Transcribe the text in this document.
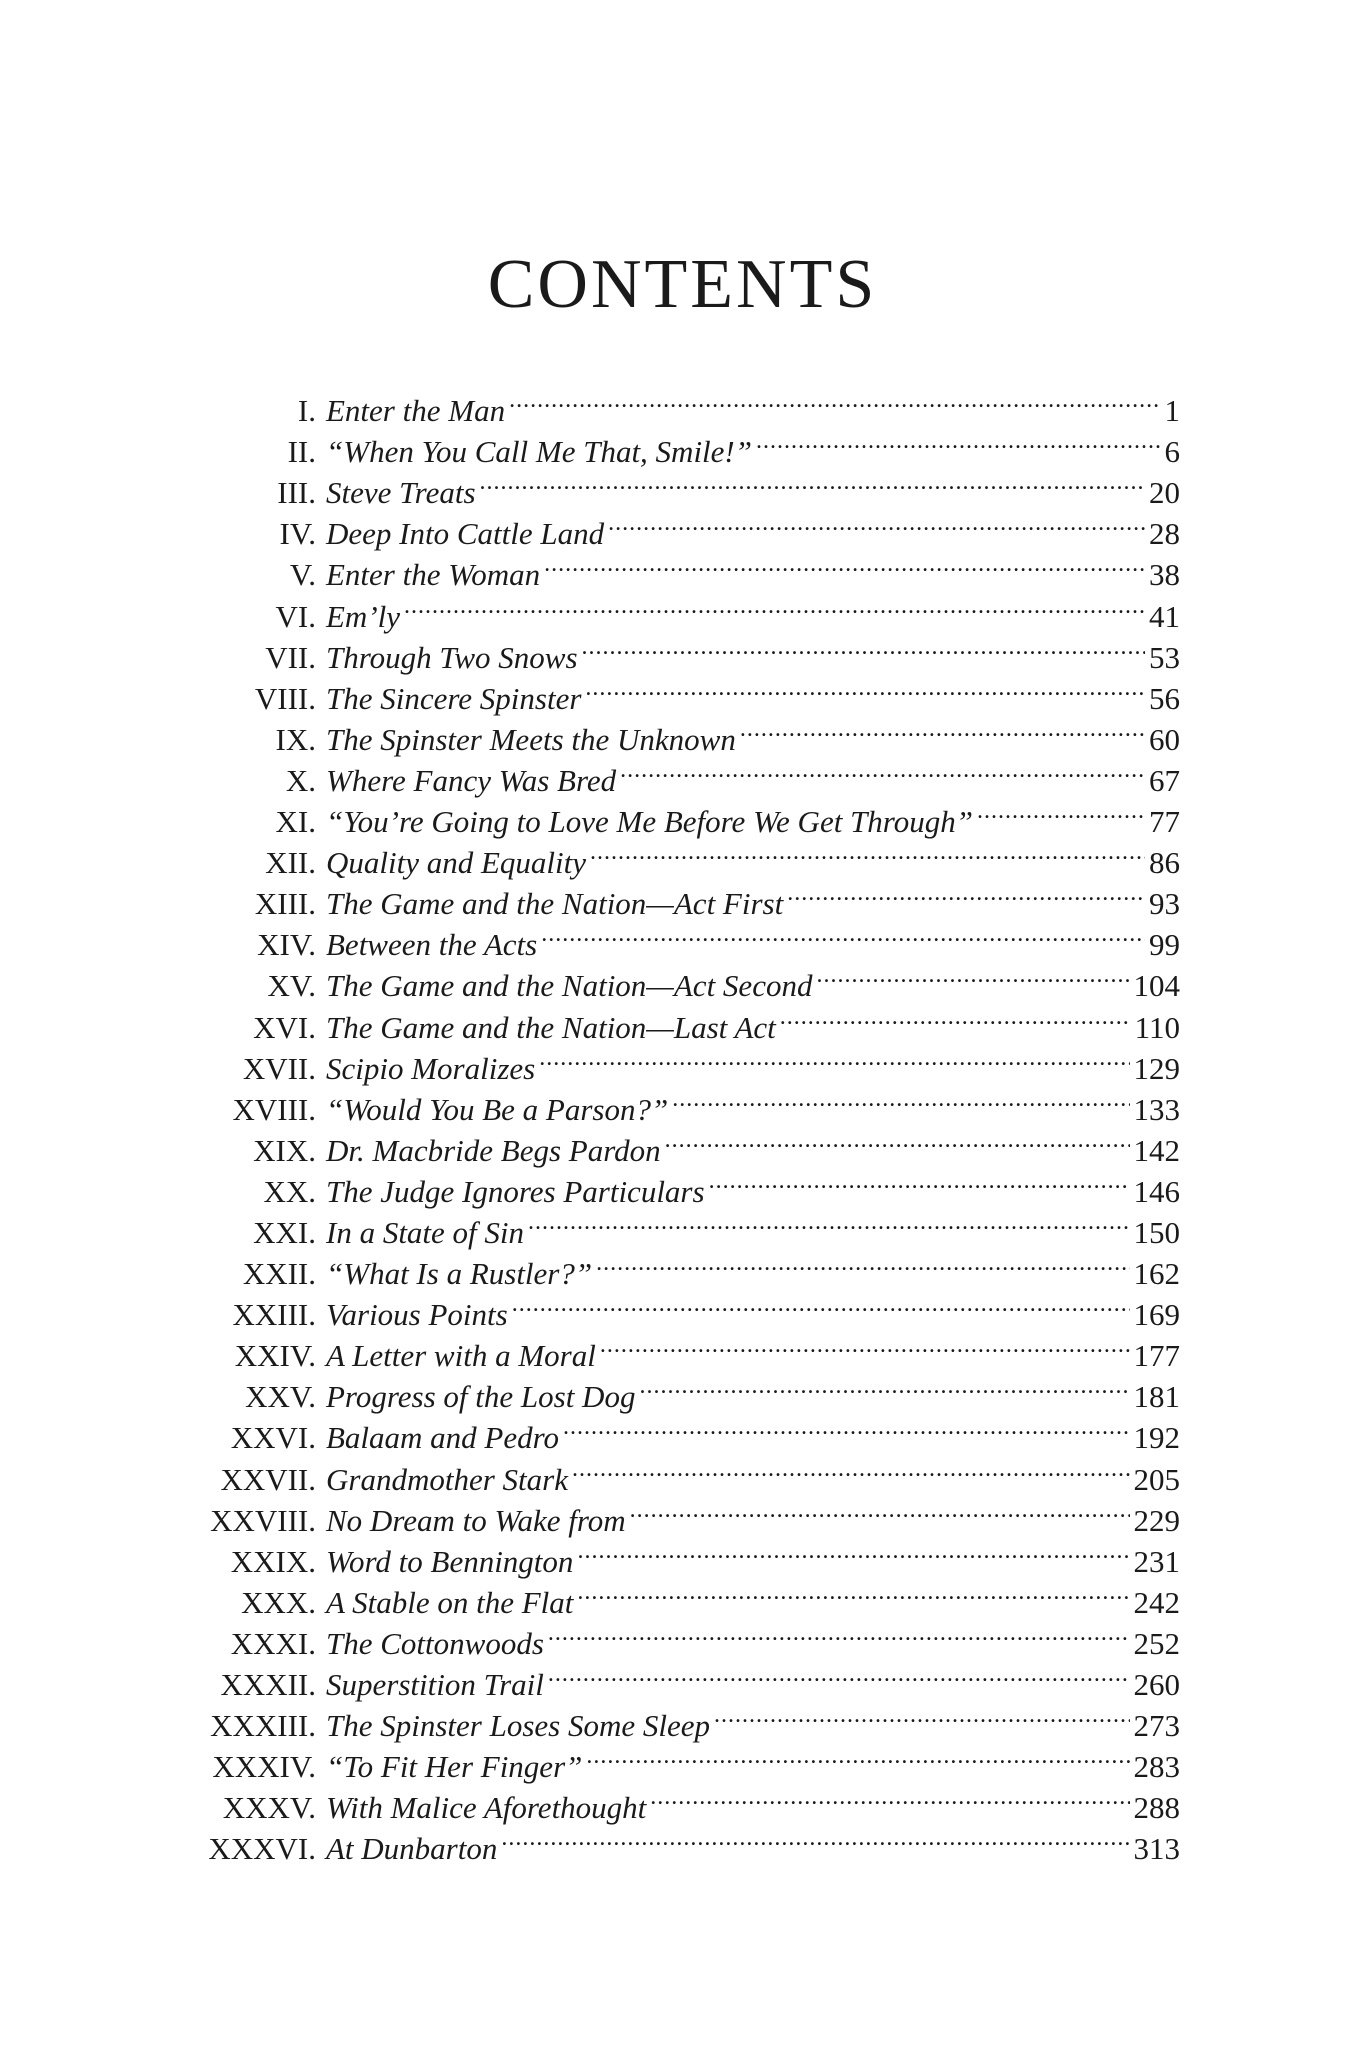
CONTENTS
I. Enter the Man .....	1
II. “When You Call Me That, Smile!” .....	6
III. Steve Treats .....	20
IV. Deep Into Cattle Land .....	28
V. Enter the Woman .....	38
VI. Em’ly .....	41
VII. Through Two Snows .....	53
VIII. The Sincere Spinster .....	56
IX. The Spinster Meets the Unknown .....	60
X. Where Fancy Was Bred .....	67
XI. “You’re Going to Love Me Before We Get Through” .....	77
XII. Quality and Equality .....	86
XIII. The Game and the Nation—Act First .....	93
XIV. Between the Acts .....	99
XV. The Game and the Nation—Act Second .....	104
XVI. The Game and the Nation—Last Act .....	110
XVII. Scipio Moralizes .....	129
XVIII. “Would You Be a Parson?” .....	133
XIX. Dr. Macbride Begs Pardon .....	142
XX. The Judge Ignores Particulars .....	146
XXI. In a State of Sin .....	150
XXII. “What Is a Rustler?” .....	162
XXIII. Various Points .....	169
XXIV. A Letter with a Moral .....	177
XXV. Progress of the Lost Dog .....	181
XXVI. Balaam and Pedro .....	192
XXVII. Grandmother Stark .....	205
XXVIII. No Dream to Wake from .....	229
XXIX. Word to Bennington .....	231
XXX. A Stable on the Flat .....	242
XXXI. The Cottonwoods .....	252
XXXII. Superstition Trail .....	260
XXXIII. The Spinster Loses Some Sleep .....	273
XXXIV. “To Fit Her Finger” .....	283
XXXV. With Malice Aforethought .....	288
XXXVI. At Dunbarton .....	313
